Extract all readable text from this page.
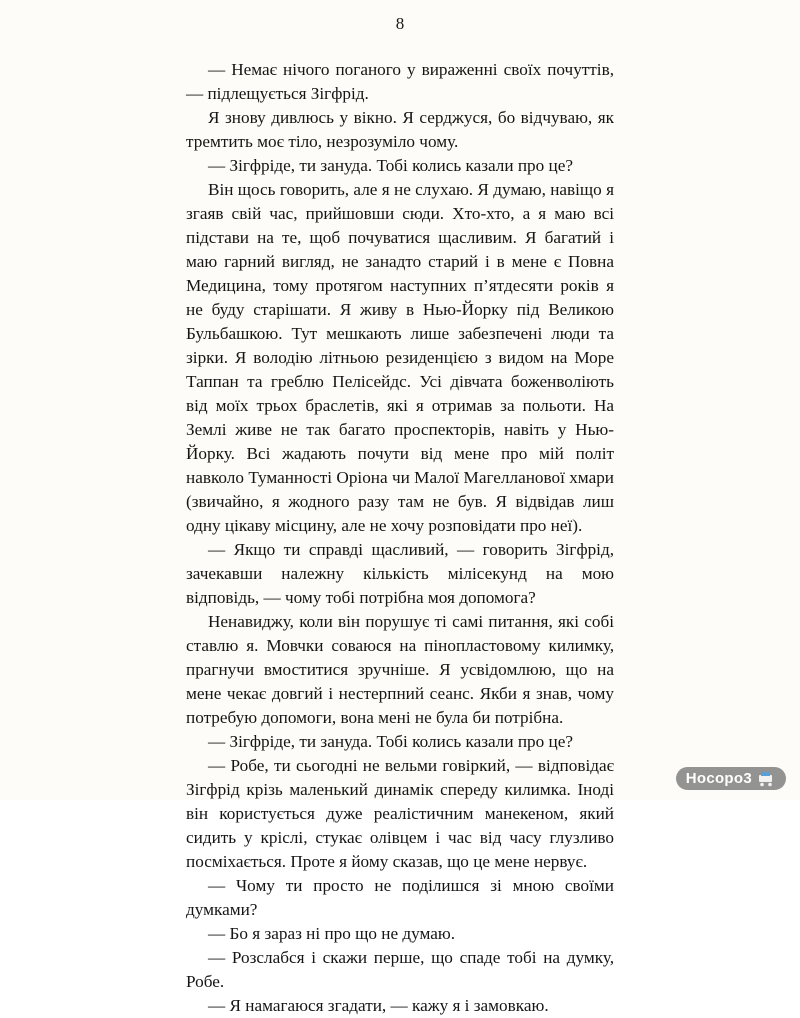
8

— Немає нічого поганого у вираженні своїх почуттів, — підлещується Зігфрід.

Я знову дивлюсь у вікно. Я серджуся, бо відчуваю, як тремтить моє тіло, незрозуміло чому.

— Зігфріде, ти зануда. Тобі колись казали про це?

Він щось говорить, але я не слухаю. Я думаю, навіщо я згаяв свій час, прийшовши сюди. Хто-хто, а я маю всі підстави на те, щоб почуватися щасливим. Я багатий і маю гарний вигляд, не занадто старий і в мене є Повна Медицина, тому протягом наступних п’ятдесяти років я не буду старішати. Я живу в Нью-Йорку під Великою Бульбашкою. Тут мешкають лише забезпечені люди та зірки. Я володію літньою резиденцією з видом на Море Таппан та греблю Пелісейдс. Усі дівчата боженволіють від моїх трьох браслетів, які я отримав за польоти. На Землі живе не так багато проспекторів, навіть у Нью-Йорку. Всі жадають почути від мене про мій політ навколо Туманності Оріона чи Малої Магелланової хмари (звичайно, я жодного разу там не був. Я відвідав лиш одну цікаву місцину, але не хочу розповідати про неї).

— Якщо ти справді щасливий, — говорить Зігфрід, зачекавши належну кількість мілісекунд на мою відповідь, — чому тобі потрібна моя допомога?

Ненавиджу, коли він порушує ті самі питання, які собі ставлю я. Мовчки соваюся на пінопластовому килимку, прагнучи вмоститися зручніше. Я усвідомлюю, що на мене чекає довгий і нестерпний сеанс. Якби я знав, чому потребую допомоги, вона мені не була би потрібна.

— Зігфріде, ти зануда. Тобі колись казали про це?

— Робе, ти сьогодні не вельми говіркий, — відповідає Зігфрід крізь маленький динамік спереду килимка. Іноді він користується дуже реалістичним манекеном, який сидить у кріслі, стукає олівцем і час від часу глузливо посміхається. Проте я йому сказав, що це мене нервує.

— Чому ти просто не поділишся зі мною своїми думками?

— Бо я зараз ні про що не думаю.

— Розслабся і скажи перше, що спаде тобі на думку, Робе.

— Я намагаюся згадати, — кажу я і замовкаю.

Нocopo3
